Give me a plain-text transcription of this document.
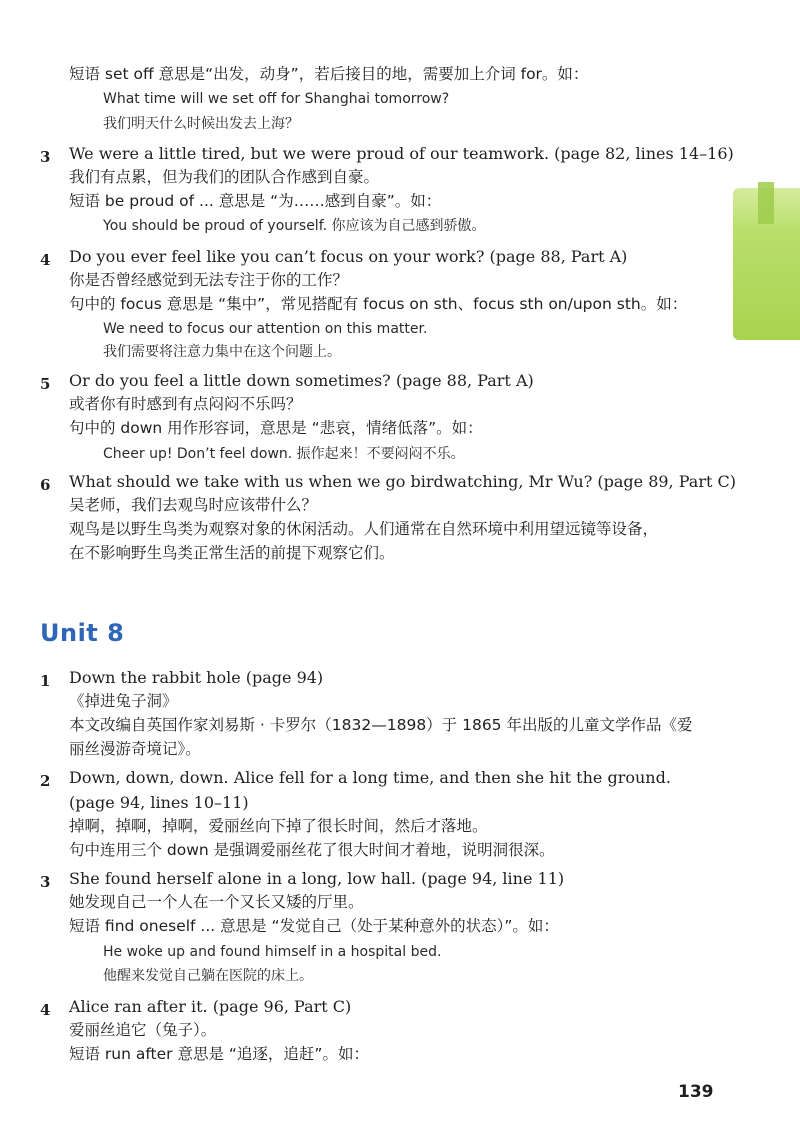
短语 set off 意思是“出发，动身”，若后接目的地，需要加上介词 for。如：
What time will we set off for Shanghai tomorrow?
我们明天什么时候出发去上海？
3 We were a little tired, but we were proud of our teamwork. (page 82, lines 14–16)
我们有点累，但为我们的团队合作感到自豪。
短语 be proud of ... 意思是 “为……感到自豪”。如：
You should be proud of yourself. 你应该为自己感到骄傲。
4 Do you ever feel like you can’t focus on your work? (page 88, Part A)
你是否曾经感觉到无法专注于你的工作？
句中的 focus 意思是 “集中”，常见搭配有 focus on sth、focus sth on/upon sth。如：
We need to focus our attention on this matter.
我们需要将注意力集中在这个问题上。
5 Or do you feel a little down sometimes? (page 88, Part A)
或者你有时感到有点闷闷不乐吗？
句中的 down 用作形容词，意思是 “悲哀，情绪低落”。如：
Cheer up! Don’t feel down. 振作起来！不要闷闷不乐。
6 What should we take with us when we go birdwatching, Mr Wu? (page 89, Part C)
吴老师，我们去观鸟时应该带什么？
观鸟是以野生鸟类为观察对象的休闲活动。人们通常在自然环境中利用望远镜等设备，
在不影响野生鸟类正常生活的前提下观察它们。
Unit 8
1 Down the rabbit hole (page 94)
《掉进兔子洞》
本文改编自英国作家刘易斯 · 卡罗尔（1832—1898）于 1865 年出版的儿童文学作品《爱
丽丝漫游奇境记》。
2 Down, down, down. Alice fell for a long time, and then she hit the ground.
(page 94, lines 10–11)
掉啊，掉啊，掉啊，爱丽丝向下掉了很长时间，然后才落地。
句中连用三个 down 是强调爱丽丝花了很大时间才着地，说明洞很深。
3 She found herself alone in a long, low hall. (page 94, line 11)
她发现自己一个人在一个又长又矮的厅里。
短语 find oneself ... 意思是 “发觉自己（处于某种意外的状态）”。如：
He woke up and found himself in a hospital bed.
他醒来发觉自己躺在医院的床上。
4 Alice ran after it. (page 96, Part C)
爱丽丝追它（兔子）。
短语 run after 意思是 “追逐，追赶”。如：
139
